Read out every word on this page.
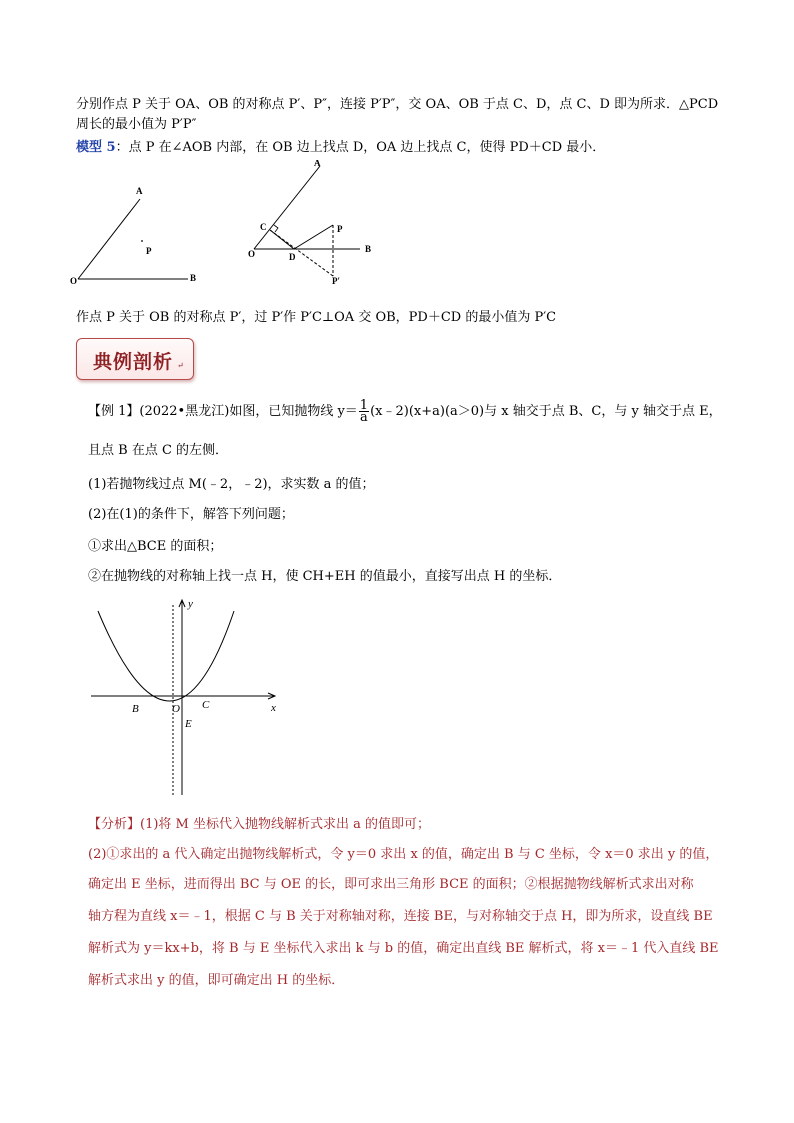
分别作点 P 关于 OA、OB 的对称点 P′、P″，连接 P′P″，交 OA、OB 于点 C、D，点 C、D 即为所求．△PCD
周长的最小值为 P′P″
模型 5：点 P 在∠AOB 内部，在 OB 边上找点 D，OA 边上找点 C，使得 PD＋CD 最小．
A
P
O	B
A
C	P
O	D
B
P′
作点 P 关于 OB 的对称点 P′，过 P′作 P′C⊥OA 交 OB，PD＋CD 的最小值为 P′C
典例剖析 ↵
【例 1】(2022•黑龙江)如图，已知抛物线 $y= \frac{1}{a}$ (x﹣2)(x+a)(a＞0)与 x 轴交于点 B、C，与 y 轴交于点 E，
且点 B 在点 C 的左侧．
(1)若抛物线过点 M(﹣2，﹣2)，求实数 a 的值；
(2)在(1)的条件下，解答下列问题；
①求出△BCE 的面积；
②在抛物线的对称轴上找一点 H，使 CH+EH 的值最小，直接写出点 H 的坐标．
y
x
B	O C
E
【分析】(1)将 M 坐标代入抛物线解析式求出 a 的值即可；
(2)①求出的 a 代入确定出抛物线解析式，令 y＝0 求出 x 的值，确定出 B 与 C 坐标，令 x＝0 求出 y 的值，
确定出 E 坐标，进而得出 BC 与 OE 的长，即可求出三角形 BCE 的面积；②根据抛物线解析式求出对称
轴方程为直线 x＝﹣1，根据 C 与 B 关于对称轴对称，连接 BE，与对称轴交于点 H，即为所求，设直线 BE
解析式为 y＝kx+b，将 B 与 E 坐标代入求出 k 与 b 的值，确定出直线 BE 解析式，将 x＝﹣1 代入直线 BE
解析式求出 y 的值，即可确定出 H 的坐标．
